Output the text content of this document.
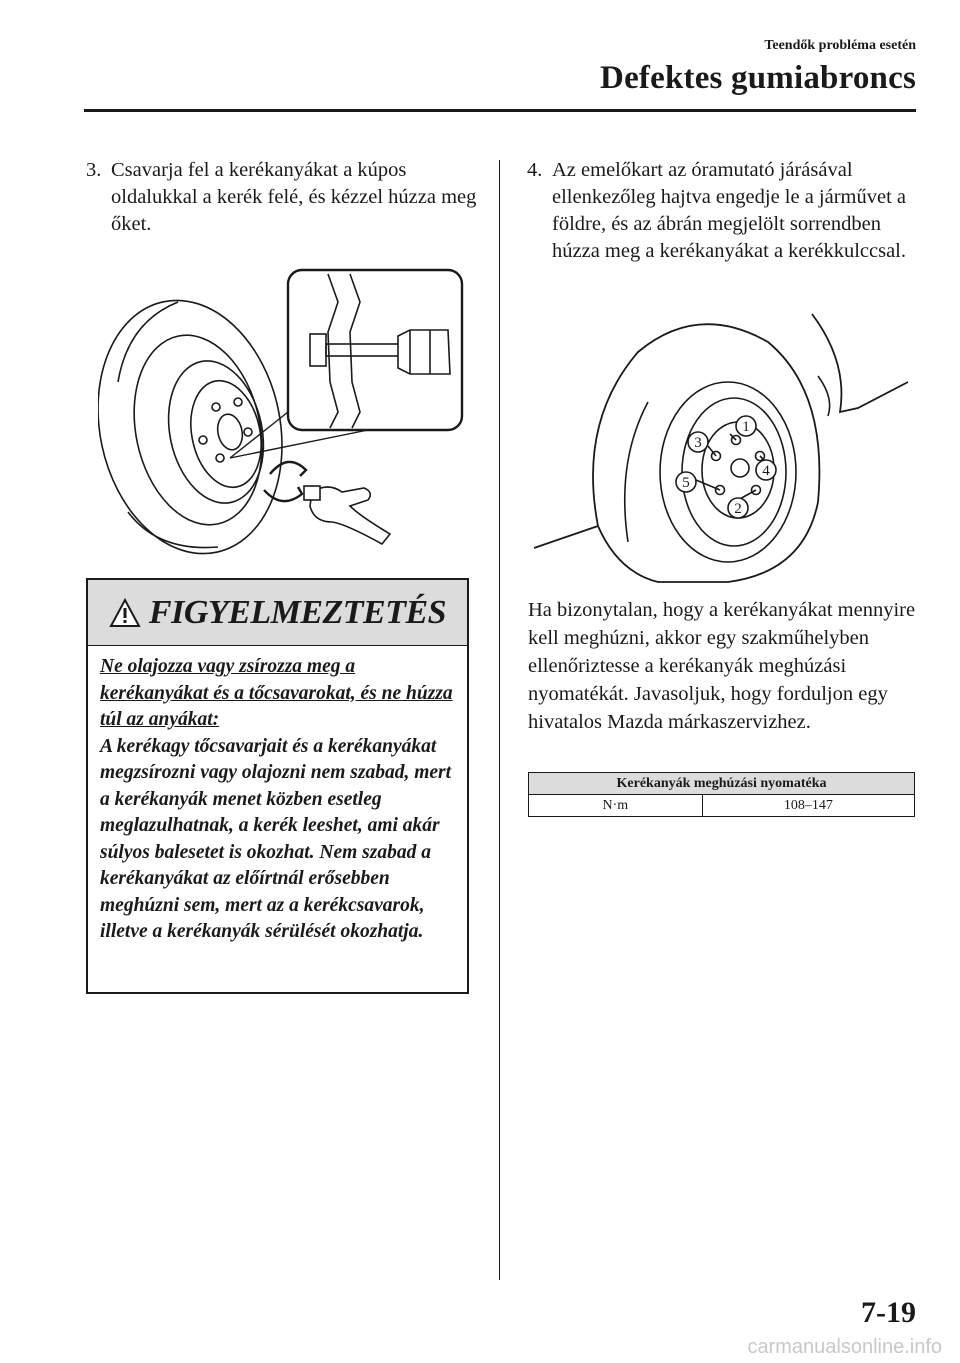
Teendők probléma esetén
Defektes gumiabroncs
3. Csavarja fel a kerékanyákat a kúpos oldalukkal a kerék felé, és kézzel húzza meg őket.
FIGYELMEZTETÉS
Ne olajozza vagy zsírozza meg a kerékanyákat és a tőcsavarokat, és ne húzza túl az anyákat:
A kerékagy tőcsavarjait és a kerékanyákat megzsírozni vagy olajozni nem szabad, mert a kerékanyák menet közben esetleg meglazulhatnak, a kerék leeshet, ami akár súlyos balesetet is okozhat. Nem szabad a kerékanyákat az előírtnál erősebben meghúzni sem, mert az a kerékcsavarok, illetve a kerékanyák sérülését okozhatja.
4. Az emelőkart az óramutató járásával ellenkezőleg hajtva engedje le a járművet a földre, és az ábrán megjelölt sorrendben húzza meg a kerékanyákat a kerékkulccsal.
1
4
2
5
3
Ha bizonytalan, hogy a kerékanyákat mennyire kell meghúzni, akkor egy szakműhelyben ellenőriztesse a kerékanyák meghúzási nyomatékát. Javasoljuk, hogy forduljon egy hivatalos Mazda márkaszervizhez.
Kerékanyák meghúzási nyomatéka
N·m	108–147
7-19
carmanualsonline.info
